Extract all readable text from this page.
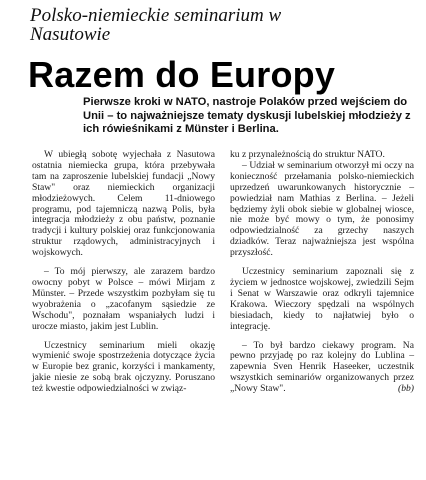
Polsko-niemieckie seminarium w Nasutowie
Razem do Europy
Pierwsze kroki w NATO, nastroje Polaków przed wejściem do Unii – to najważniejsze tematy dyskusji lubelskiej młodzieży z ich rówieśnikami z Münster i Berlina.

W ubiegłą sobotę wyjechała z Nasutowa ostatnia niemiecka grupa, która przebywała tam na zaproszenie lubelskiej fundacji „Nowy Staw" oraz niemieckich organizacji młodzieżowych. Celem 11-dniowego programu, pod tajemniczą nazwą Polis, była integracja młodzieży z obu państw, poznanie tradycji i kultury polskiej oraz funkcjonowania struktur rządowych, administracyjnych i wojskowych.

– To mój pierwszy, ale zarazem bardzo owocny pobyt w Polsce – mówi Mirjam z Münster. – Przede wszystkim pozbyłam się tu wyobrażenia o „zacofanym sąsiedzie ze Wschodu", poznałam wspaniałych ludzi i urocze miasto, jakim jest Lublin.

Uczestnicy seminarium mieli okazję wymienić swoje spostrzeżenia dotyczące życia w Europie bez granic, korzyści i mankamenty, jakie niesie ze sobą brak ojczyzny. Poruszano też kwestie odpowiedzialności w związ-

ku z przynależnością do struktur NATO.

– Udział w seminarium otworzył mi oczy na konieczność przełamania polsko-niemieckich uprzedzeń uwarunkowanych historycznie – powiedział nam Mathias z Berlina. – Jeżeli będziemy żyli obok siebie w globalnej wiosce, nie może być mowy o tym, że ponosimy odpowiedzialność za grzechy naszych dziadków. Teraz najważniejsza jest wspólna przyszłość.

Uczestnicy seminarium zapoznali się z życiem w jednostce wojskowej, zwiedzili Sejm i Senat w Warszawie oraz odkryli tajemnice Krakowa. Wieczory spędzali na wspólnych biesiadach, kiedy to najłatwiej było o integrację.

– To był bardzo ciekawy program. Na pewno przyjadę po raz kolejny do Lublina – zapewnia Sven Henrik Haseeker, uczestnik wszystkich seminariów organizowanych przez „Nowy Staw".	(bb)
